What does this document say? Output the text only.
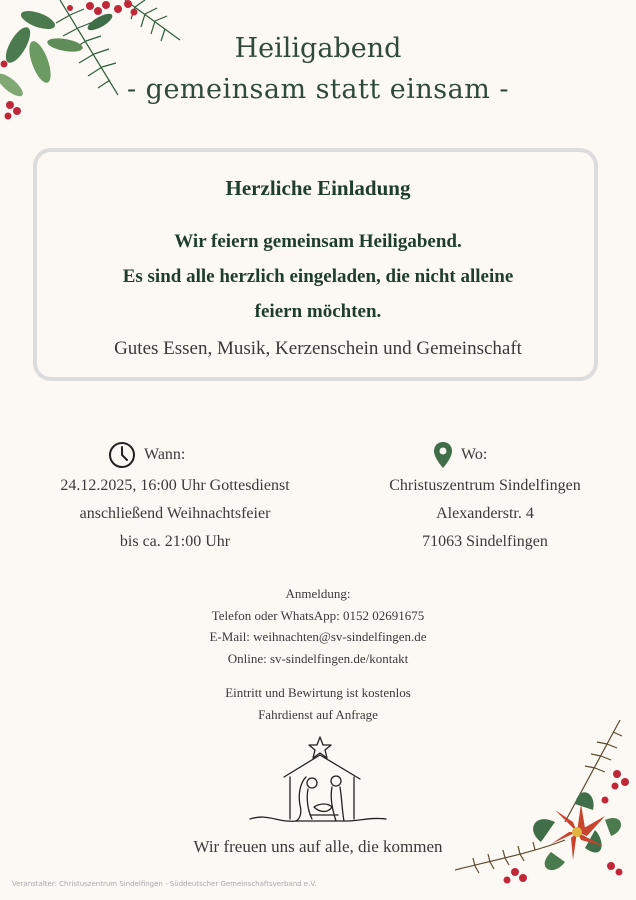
Heiligabend
- gemeinsam statt einsam -
Herzliche Einladung
Wir feiern gemeinsam Heiligabend.
Es sind alle herzlich eingeladen, die nicht alleine
feiern möchten.
Gutes Essen, Musik, Kerzenschein und Gemeinschaft
Wann:
24.12.2025, 16:00 Uhr Gottesdienst
anschließend Weihnachtsfeier
bis ca. 21:00 Uhr
Wo:
Christuszentrum Sindelfingen
Alexanderstr. 4
71063 Sindelfingen
Anmeldung:
Telefon oder WhatsApp: 0152 02691675
E-Mail: weihnachten@sv-sindelfingen.de
Online: sv-sindelfingen.de/kontakt
Eintritt und Bewirtung ist kostenlos
Fahrdienst auf Anfrage
Wir freuen uns auf alle, die kommen
Veranstalter: Christuszentrum Sindelfingen - Süddeutscher Gemeinschaftsverband e.V.
